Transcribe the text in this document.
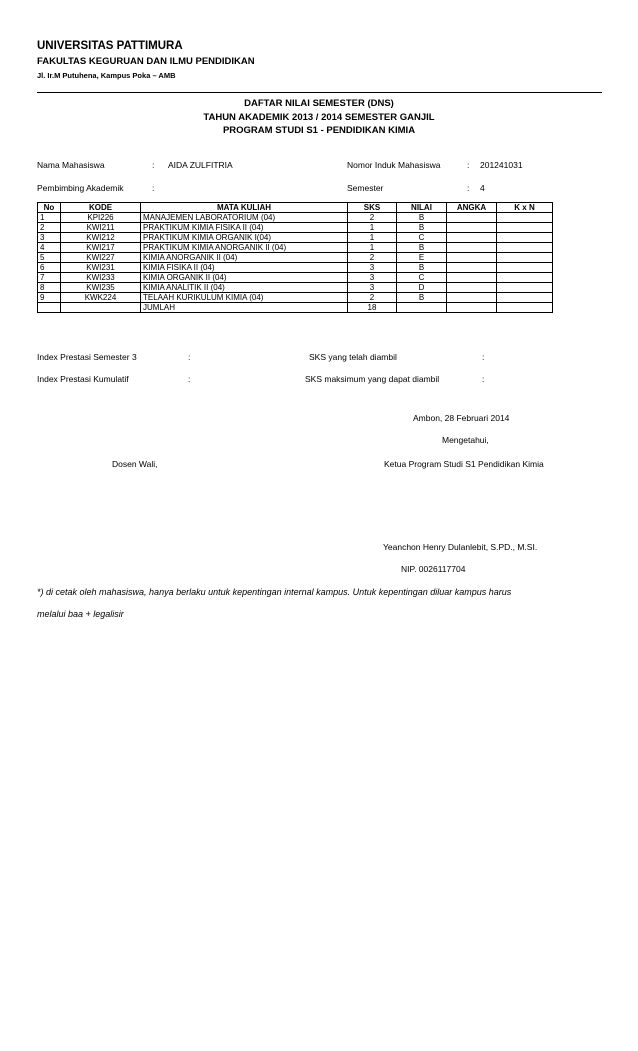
UNIVERSITAS PATTIMURA
FAKULTAS KEGURUAN DAN ILMU PENDIDIKAN
Jl. Ir.M Putuhena, Kampus Poka – AMB
DAFTAR NILAI SEMESTER (DNS)
TAHUN AKADEMIK 2013 / 2014 SEMESTER GANJIL
PROGRAM STUDI S1 - PENDIDIKAN KIMIA
Nama Mahasiswa	: AIDA ZULFITRIA	Nomor Induk Mahasiswa	: 201241031
Pembimbing Akademik	:	Semester	: 4
No	KODE	MATA KULIAH	SKS	NILAI	ANGKA	K x N
1	KPI226	MANAJEMEN LABORATORIUM (04)	2	B		
2	KWI211	PRAKTIKUM KIMIA FISIKA II (04)	1	B		
3	KWI212	PRAKTIKUM KIMIA ORGANIK I(04)	1	C		
4	KWI217	PRAKTIKUM KIMIA ANORGANIK II (04)	1	B		
5	KWI227	KIMIA ANORGANIK II (04)	2	E		
6	KWI231	KIMIA FISIKA II (04)	3	B		
7	KWI233	KIMIA ORGANIK II (04)	3	C		
8	KWI235	KIMIA ANALITIK II (04)	3	D		
9	KWK224	TELAAH KURIKULUM KIMIA (04)	2	B		
		JUMLAH	18			
Index Prestasi Semester 3	:	SKS yang telah diambil	:
Index Prestasi Kumulatif	:	SKS maksimum yang dapat diambil	:
Ambon, 28 Februari 2014
Mengetahui,
Dosen Wali,	Ketua Program Studi S1 Pendidikan Kimia
Yeanchon Henry Dulanlebit, S.PD., M.SI.
NIP. 0026117704
*) di cetak oleh mahasiswa, hanya berlaku untuk kepentingan internal kampus. Untuk kepentingan diluar kampus harus
melalui baa + legalisir
